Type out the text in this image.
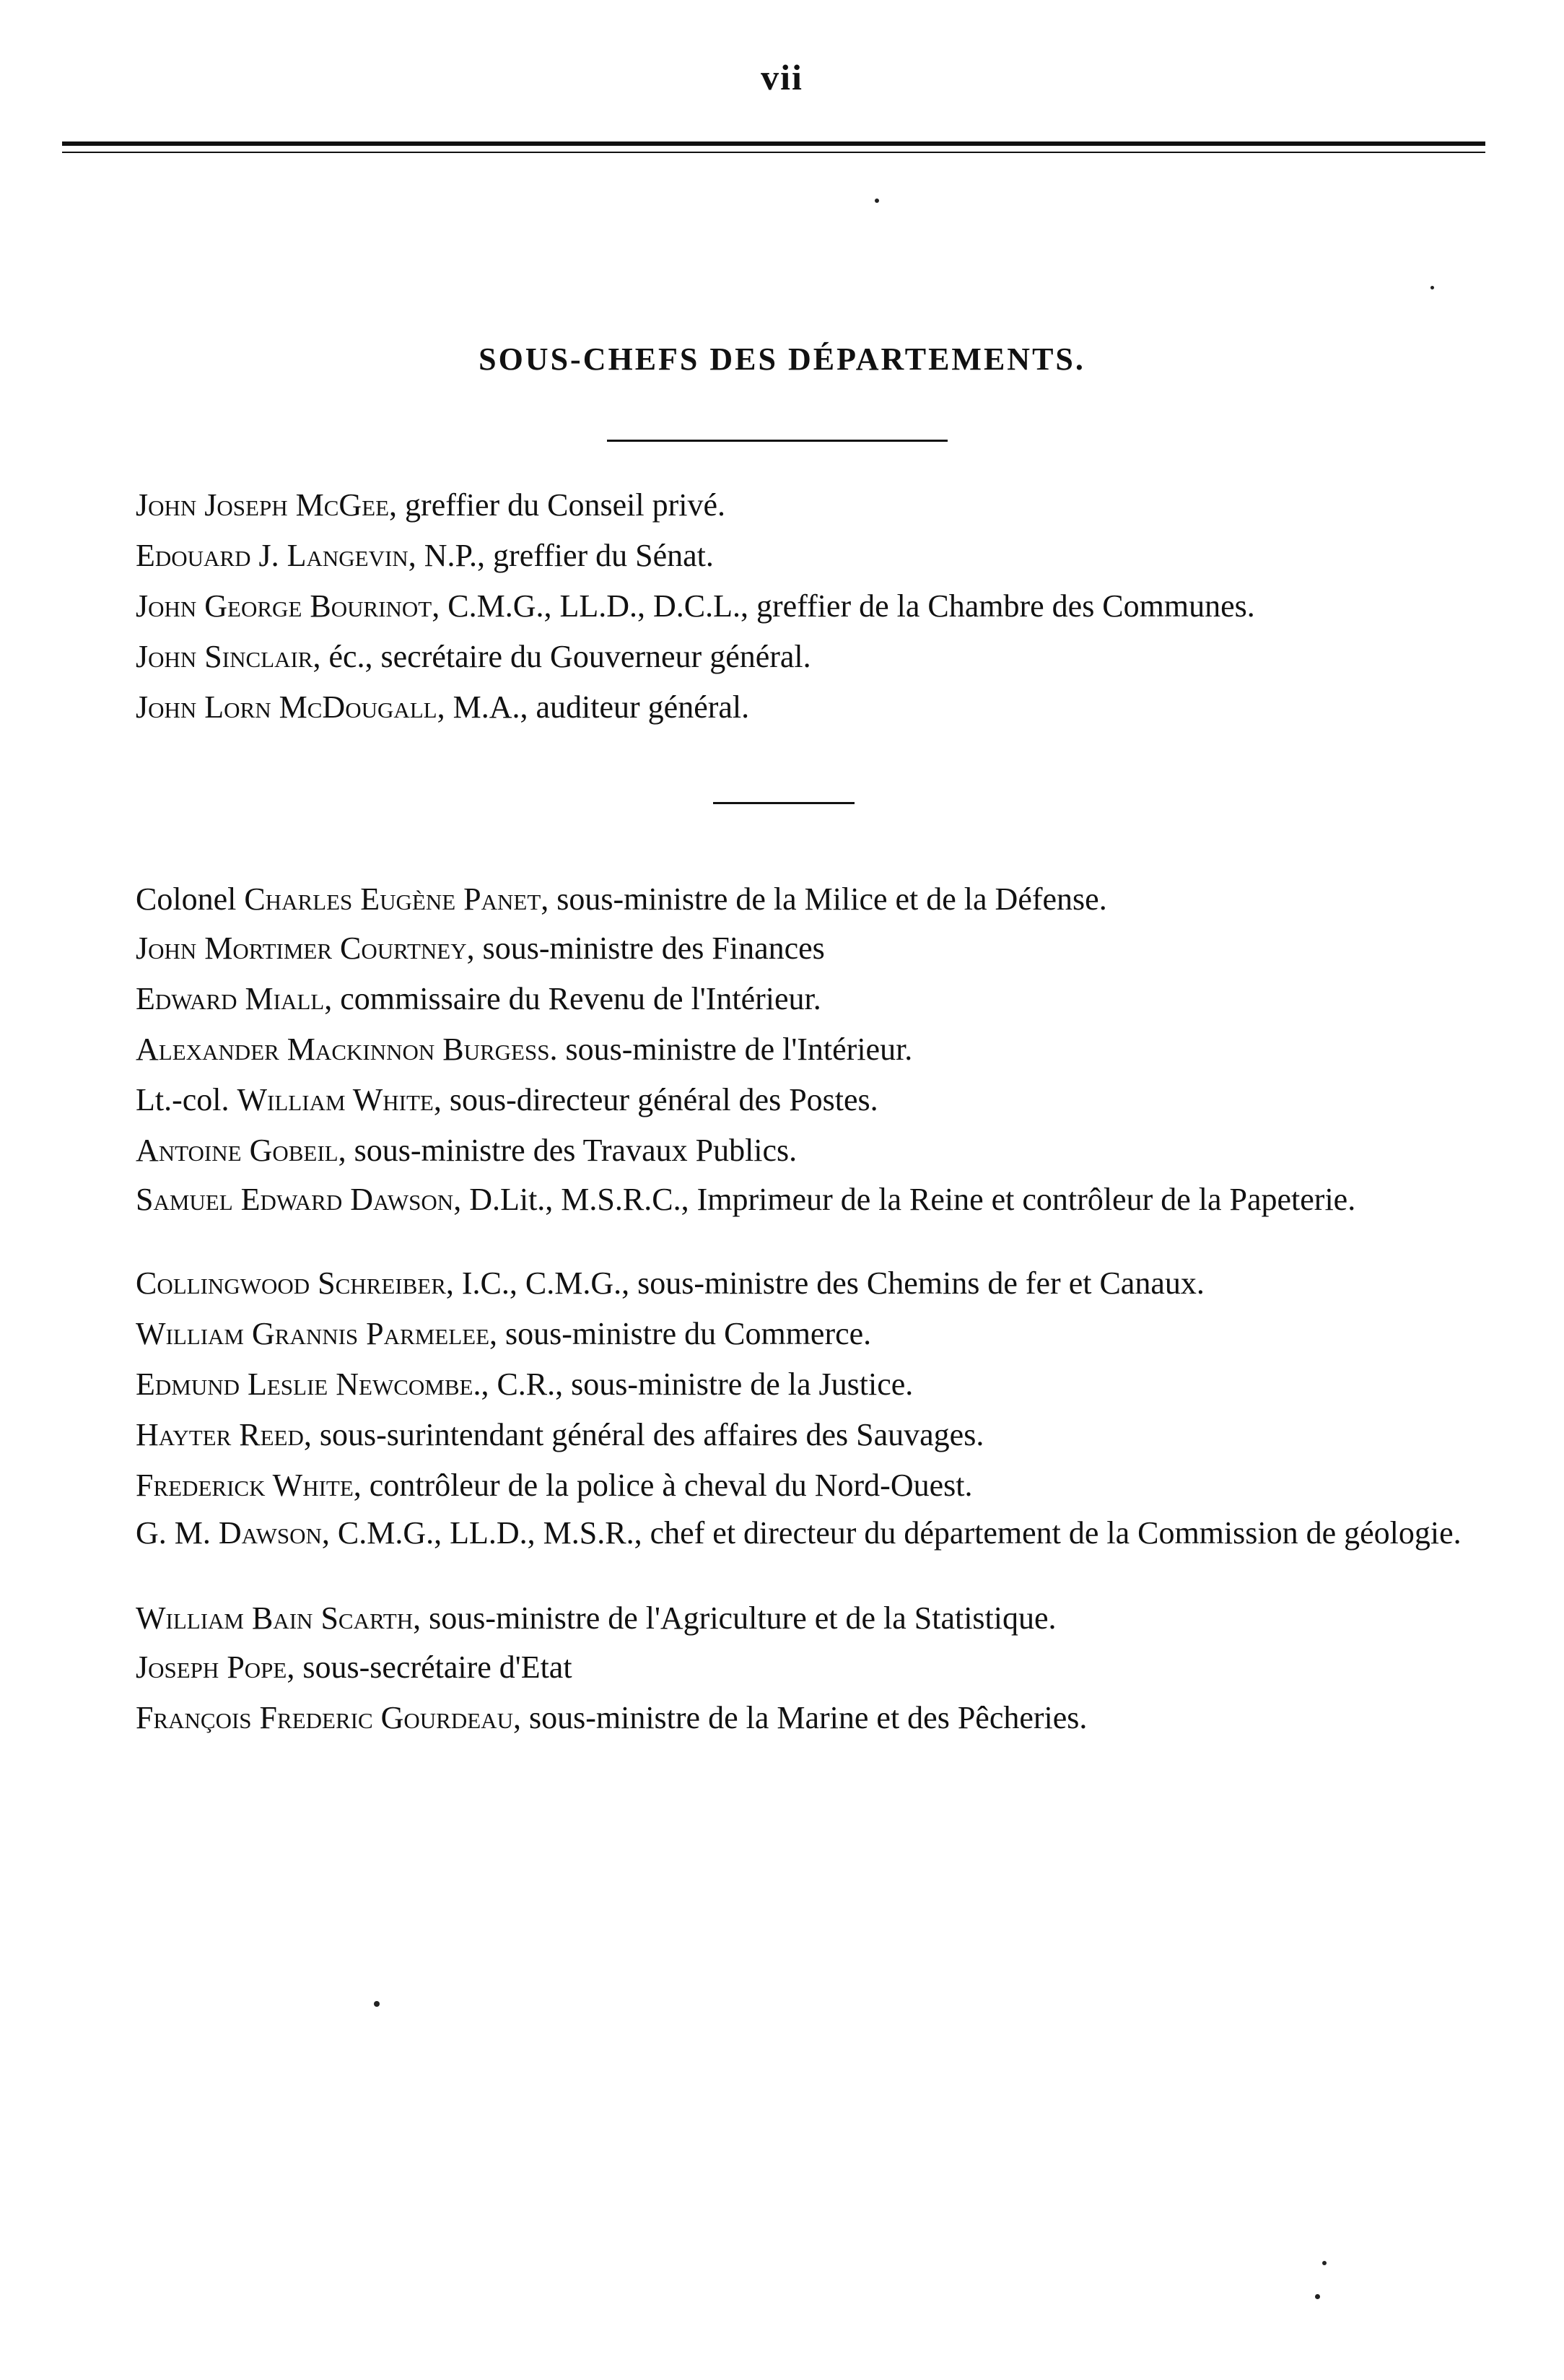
vii
SOUS-CHEFS DES DÉPARTEMENTS.
John Joseph McGee, greffier du Conseil privé.
Edouard J. Langevin, N.P., greffier du Sénat.
John George Bourinot, C.M.G., LL.D., D.C.L., greffier de la Chambre des Communes.
John Sinclair, éc., secrétaire du Gouverneur général.
John Lorn McDougall, M.A., auditeur général.
Colonel Charles Eugène Panet, sous-ministre de la Milice et de la Défense.
John Mortimer Courtney, sous-ministre des Finances
Edward Miall, commissaire du Revenu de l'Intérieur.
Alexander Mackinnon Burgess. sous-ministre de l'Intérieur.
Lt.-col. William White, sous-directeur général des Postes.
Antoine Gobeil, sous-ministre des Travaux Publics.
Samuel Edward Dawson, D.Lit., M.S.R.C., Imprimeur de la Reine et contrôleur de la Papeterie.
Collingwood Schreiber, I.C., C.M.G., sous-ministre des Chemins de fer et Canaux.
William Grannis Parmelee, sous-ministre du Commerce.
Edmund Leslie Newcombe., C.R., sous-ministre de la Justice.
Hayter Reed, sous-surintendant général des affaires des Sauvages.
Frederick White, contrôleur de la police à cheval du Nord-Ouest.
G. M. Dawson, C.M.G., LL.D., M.S.R., chef et directeur du département de la Commission de géologie.
William Bain Scarth, sous-ministre de l'Agriculture et de la Statistique.
Joseph Pope, sous-secrétaire d'Etat
François Frederic Gourdeau, sous-ministre de la Marine et des Pêcheries.
